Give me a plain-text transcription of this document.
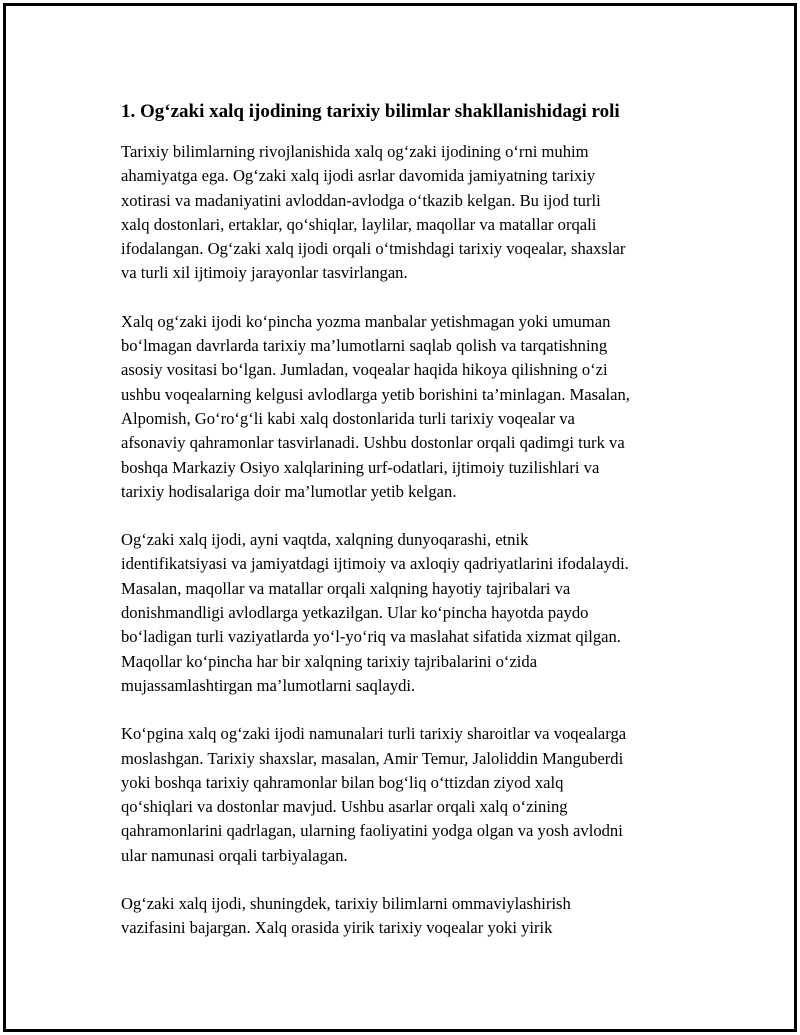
1. Og‘zaki xalq ijodining tarixiy bilimlar shakllanishidagi roli

Tarixiy bilimlarning rivojlanishida xalq og‘zaki ijodining o‘rni muhim
ahamiyatga ega. Og‘zaki xalq ijodi asrlar davomida jamiyatning tarixiy
xotirasi va madaniyatini avloddan-avlodga o‘tkazib kelgan. Bu ijod turli
xalq dostonlari, ertaklar, qo‘shiqlar, laylilar, maqollar va matallar orqali
ifodalangan. Og‘zaki xalq ijodi orqali o‘tmishdagi tarixiy voqealar, shaxslar
va turli xil ijtimoiy jarayonlar tasvirlangan.

Xalq og‘zaki ijodi ko‘pincha yozma manbalar yetishmagan yoki umuman
bo‘lmagan davrlarda tarixiy ma’lumotlarni saqlab qolish va tarqatishning
asosiy vositasi bo‘lgan. Jumladan, voqealar haqida hikoya qilishning o‘zi
ushbu voqealarning kelgusi avlodlarga yetib borishini ta’minlagan. Masalan,
Alpomish, Go‘ro‘g‘li kabi xalq dostonlarida turli tarixiy voqealar va
afsonaviy qahramonlar tasvirlanadi. Ushbu dostonlar orqali qadimgi turk va
boshqa Markaziy Osiyo xalqlarining urf-odatlari, ijtimoiy tuzilishlari va
tarixiy hodisalariga doir ma’lumotlar yetib kelgan.

Og‘zaki xalq ijodi, ayni vaqtda, xalqning dunyoqarashi, etnik
identifikatsiyasi va jamiyatdagi ijtimoiy va axloqiy qadriyatlarini ifodalaydi.
Masalan, maqollar va matallar orqali xalqning hayotiy tajribalari va
donishmandligi avlodlarga yetkazilgan. Ular ko‘pincha hayotda paydo
bo‘ladigan turli vaziyatlarda yo‘l-yo‘riq va maslahat sifatida xizmat qilgan.
Maqollar ko‘pincha har bir xalqning tarixiy tajribalarini o‘zida
mujassamlashtirgan ma’lumotlarni saqlaydi.

Ko‘pgina xalq og‘zaki ijodi namunalari turli tarixiy sharoitlar va voqealarga
moslashgan. Tarixiy shaxslar, masalan, Amir Temur, Jaloliddin Manguberdi
yoki boshqa tarixiy qahramonlar bilan bog‘liq o‘ttizdan ziyod xalq
qo‘shiqlari va dostonlar mavjud. Ushbu asarlar orqali xalq o‘zining
qahramonlarini qadrlagan, ularning faoliyatini yodga olgan va yosh avlodni
ular namunasi orqali tarbiyalagan.

Og‘zaki xalq ijodi, shuningdek, tarixiy bilimlarni ommaviylashirish
vazifasini bajargan. Xalq orasida yirik tarixiy voqealar yoki yirik
